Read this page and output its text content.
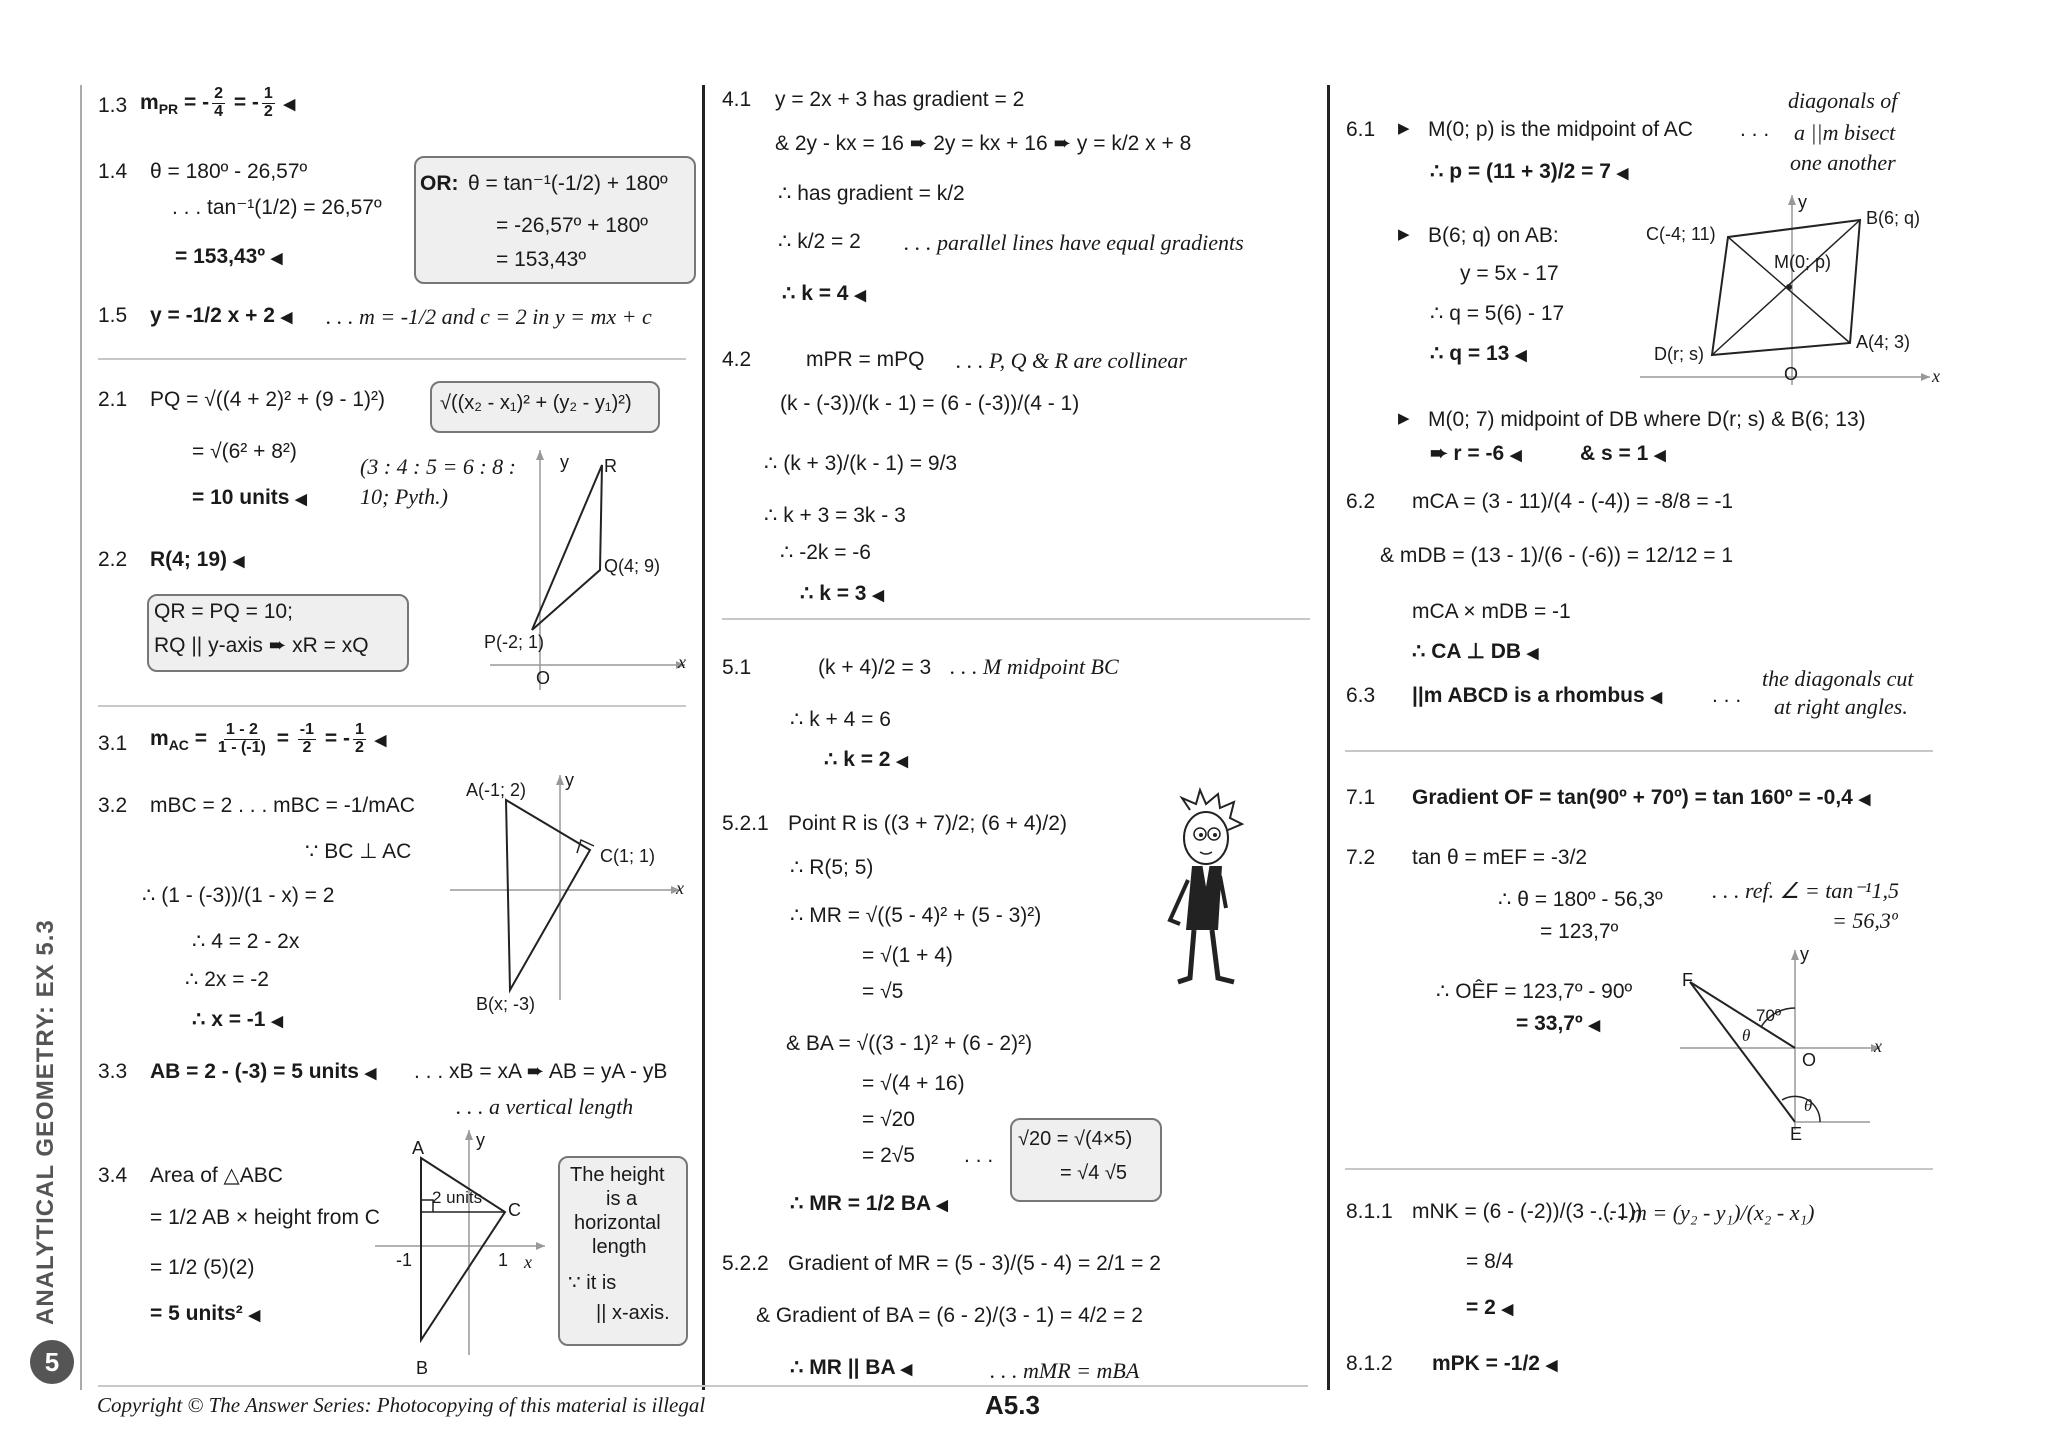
ANALYTICAL GEOMETRY: EX 5.3
5
1.3 $m_{PR}$ = - $\frac{2}{4}$ = - $\frac{1}{2}$ ◀
1.4 θ = 180º - 26,57º
. . . tan⁻¹(1/2) = 26,57º
= 153,43º ◀
OR: θ = tan⁻¹(-1/2) + 180º
= -26,57º + 180º
= 153,43º
1.5 y = -1/2 x + 2 ◀ . . . m = -1/2 and c = 2 in y = mx + c
2.1 PQ = √((4 + 2)² + (9 - 1)²)
= √(6² + 8²)
= 10 units ◀
√((x₂ - x₁)² + (y₂ - y₁)²)
(3 : 4 : 5 = 6 : 8 : 10; Pyth.)
2.2 R(4; 19) ◀
QR = PQ = 10;
RQ || y-axis ➨ xR = xQ
y R
Q(4; 9)
P(-2; 1)
O
x
3.1 $m_{AC} = \frac{1 - 2}{1 - (-1)} = \frac{-1}{2}$ = - $\frac{1}{2}$ ◀
3.2 mBC = 2 . . . mBC = -1/mAC
∵ BC ⊥ AC
∴ (1 - (-3))/(1 - x) = 2
∴ 4 = 2 - 2x
∴ 2x = -2
∴ x = -1 ◀
A(-1; 2) y
C(1; 1)
B(x; -3)
x
3.3 AB = 2 - (-3) = 5 units ◀ . . . xB = xA ➨ AB = yA - yB
. . . a vertical length
3.4 Area of △ABC
= 1/2 AB × height from C
= 1/2 (5)(2)
= 5 units² ◀
A	y
2 units
C
-1	1 x
B
The height
is a
horizontal
length
∵ it is
|| x-axis.
4.1 y = 2x + 3 has gradient = 2
& 2y - kx = 16 ➨ 2y = kx + 16 ➨ y = k/2 x + 8
∴ has gradient = k/2
∴ k/2 = 2 . . . parallel lines have equal gradients
∴ k = 4 ◀
4.2	mPR = mPQ . . . P, Q & R are collinear
(k - (-3))/(k - 1) = (6 - (-3))/(4 - 1)
∴ (k + 3)/(k - 1) = 9/3
∴ k + 3 = 3k - 3
∴ -2k = -6
∴ k = 3 ◀
5.1	(k + 4)/2 = 3 . . . M midpoint BC
∴ k + 4 = 6
∴ k = 2 ◀
5.2.1 Point R is ((3 + 7)/2; (6 + 4)/2)
∴ R(5; 5)
∴ MR = √((5 - 4)² + (5 - 3)²)
= √(1 + 4)
= √5
& BA = √((3 - 1)² + (6 - 2)²)
= √(4 + 16)
= √20
= 2√5 . . .
∴ MR = 1/2 BA ◀
√20 = √(4×5)
= √4 √5
5.2.2 Gradient of MR = (5 - 3)/(5 - 4) = 2/1 = 2
& Gradient of BA = (6 - 2)/(3 - 1) = 4/2 = 2
∴ MR || BA ◀	. . . mMR = mBA
6.1 ▶ M(0; p) is the midpoint of AC . . .
diagonals of
a ||m bisect
one another
∴ p = (11 + 3)/2 = 7 ◀
▶ B(6; q) on AB:
y = 5x - 17
∴ q = 5(6) - 17
∴ q = 13 ◀
y
C(-4; 11)
B(6; q)
M(0; p)
A(4; 3)
D(r; s)
O	x
▶ M(0; 7) midpoint of DB where D(r; s) & B(6; 13)
➨ r = -6 ◀	& s = 1 ◀
6.2 mCA = (3 - 11)/(4 - (-4)) = -8/8 = -1
& mDB = (13 - 1)/(6 - (-6)) = 12/12 = 1
mCA × mDB = -1
∴ CA ⊥ DB ◀
6.3 ||m ABCD is a rhombus ◀ . . .
the diagonals cut
at right angles.
7.1 Gradient OF = tan(90º + 70º) = tan 160º = -0,4 ◀
7.2 tan θ = mEF = -3/2
∴ θ = 180º - 56,3º
= 123,7º
. . . ref. ∠ = tan⁻¹1,5
= 56,3º
∴ OÊF = 123,7º - 90º
= 33,7º ◀
y
F
70º
θ
O
x
θ
E
8.1.1 mNK = (6 - (-2))/(3 - (-1))
. . . m = (y₂ - y₁)/(x₂ - x₁)
= 8/4
= 2 ◀
8.1.2 mPK = -1/2 ◀
Copyright © The Answer Series: Photocopying of this material is illegal	A5.3
